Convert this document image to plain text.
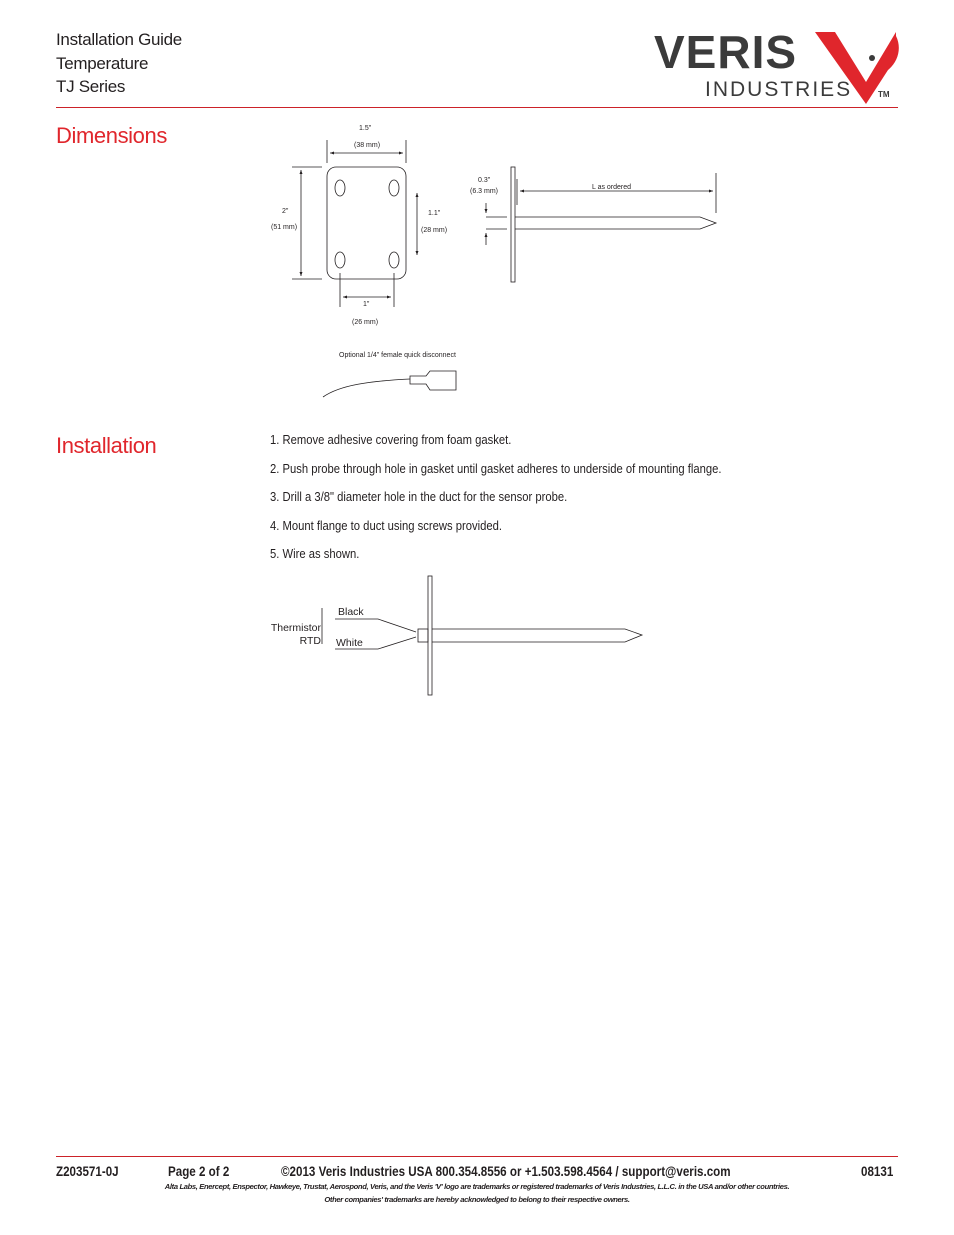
Installation Guide
Temperature
TJ Series
VERIS
INDUSTRIES	TM
Dimensions
Installation
1.5"
(38 mm)
2"
(51 mm)
1.1"
(28 mm)
1"
(26 mm)
0.3"
(6.3 mm)
L as ordered
Optional 1/4" female quick disconnect
1. Remove adhesive covering from foam gasket.
2. Push probe through hole in gasket until gasket adheres to underside of mounting flange.
3. Drill a 3/8" diameter hole in the duct for the sensor probe.
4. Mount flange to duct using screws provided.
5. Wire as shown.
Thermistor
RTD
Black
White
Z203571-0J	Page 2 of 2	©2013 Veris Industries USA 800.354.8556 or +1.503.598.4564 / support@veris.com	08131
Alta Labs, Enercept, Enspector, Hawkeye, Trustat, Aerospond, Veris, and the Veris 'V' logo are trademarks or registered trademarks of Veris Industries, L.L.C. in the USA and/or other countries.
Other companies' trademarks are hereby acknowledged to belong to their respective owners.
